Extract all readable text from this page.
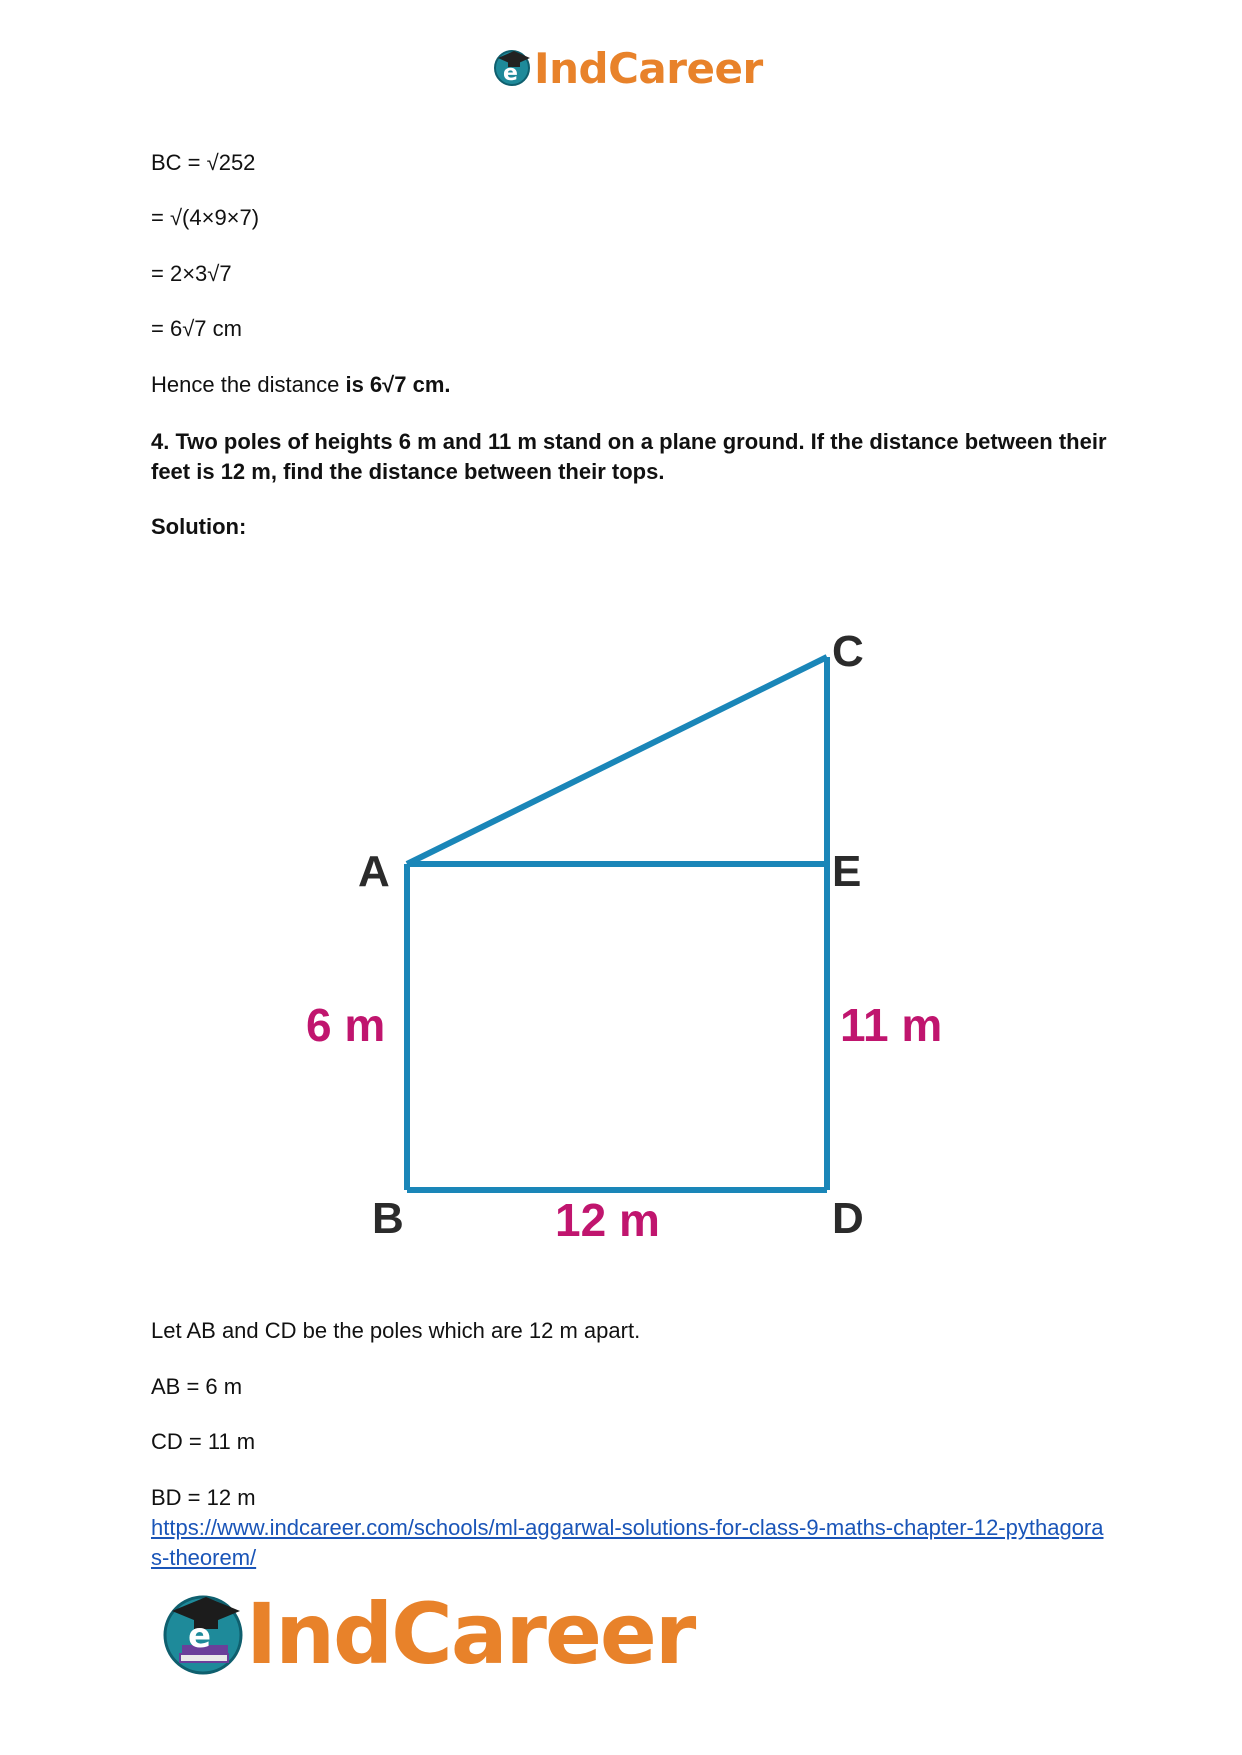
e IndCareer
BC = √252
= √(4×9×7)
= 2×3√7
= 6√7 cm
Hence the distance is 6√7 cm.
4. Two poles of heights 6 m and 11 m stand on a plane ground. If the distance between their feet is 12 m, find the distance between their tops.
Solution:
C
A	E
B	D
6 m	11 m
12 m
Let AB and CD be the poles which are 12 m apart.
AB = 6 m
CD = 11 m
BD = 12 m
https://www.indcareer.com/schools/ml-aggarwal-solutions-for-class-9-maths-chapter-12-pythagoras-theorem/
e IndCareer
